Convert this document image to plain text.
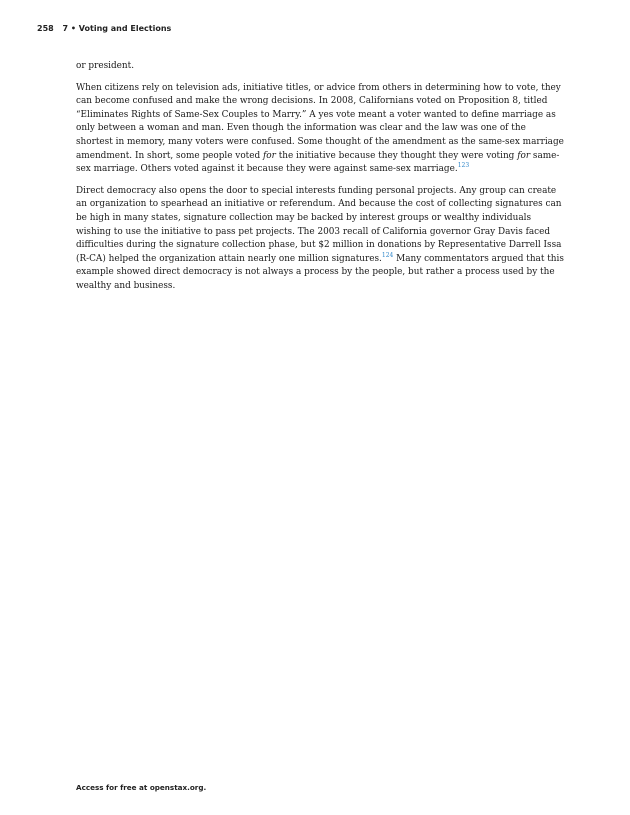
258 7 • Voting and Elections

or president.

When citizens rely on television ads, initiative titles, or advice from others in determining how to vote, they can become confused and make the wrong decisions. In 2008, Californians voted on Proposition 8, titled “Eliminates Rights of Same-Sex Couples to Marry.” A yes vote meant a voter wanted to define marriage as only between a woman and man. Even though the information was clear and the law was one of the shortest in memory, many voters were confused. Some thought of the amendment as the same-sex marriage amendment. In short, some people voted for the initiative because they thought they were voting for same-sex marriage. Others voted against it because they were against same-sex marriage.$^{123}$

Direct democracy also opens the door to special interests funding personal projects. Any group can create an organization to spearhead an initiative or referendum. And because the cost of collecting signatures can be high in many states, signature collection may be backed by interest groups or wealthy individuals wishing to use the initiative to pass pet projects. The 2003 recall of California governor Gray Davis faced difficulties during the signature collection phase, but $2 million in donations by Representative Darrell Issa (R-CA) helped the organization attain nearly one million signatures.$^{124}$ Many commentators argued that this example showed direct democracy is not always a process by the people, but rather a process used by the wealthy and business.

Access for free at openstax.org.
